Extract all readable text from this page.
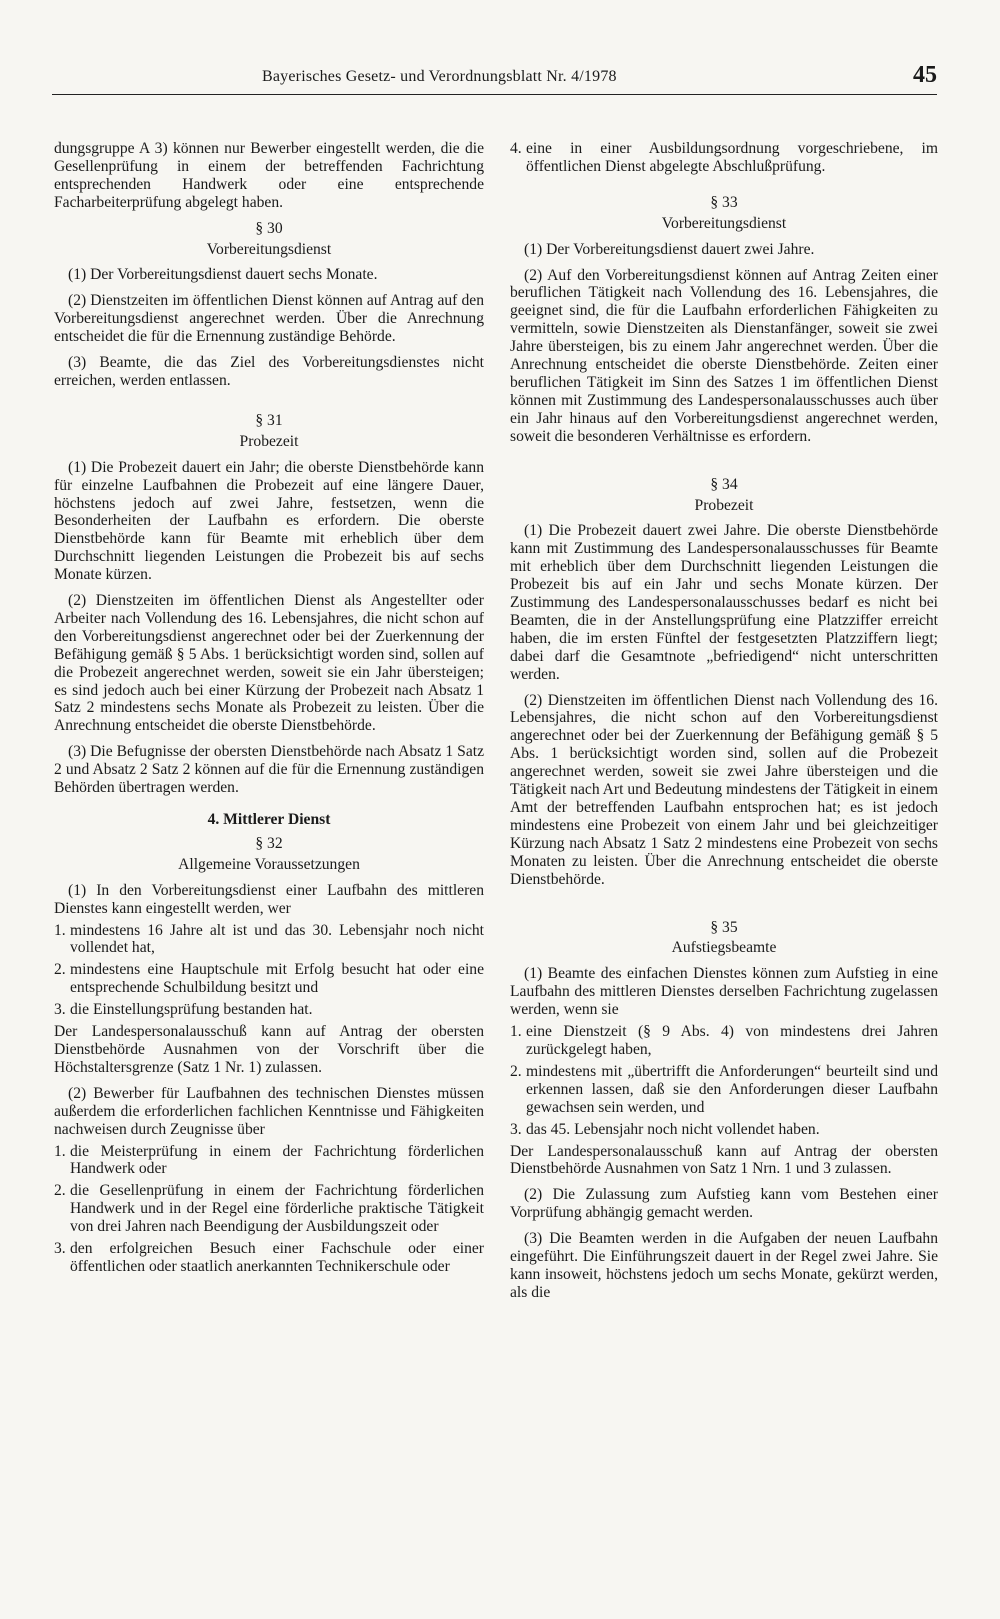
Bayerisches Gesetz- und Verordnungsblatt Nr. 4/1978	45

dungsgruppe A 3) können nur Bewerber eingestellt werden, die die Gesellenprüfung in einem der betreffenden Fachrichtung entsprechenden Handwerk oder eine entsprechende Facharbeiterprüfung abgelegt haben.

§ 30
Vorbereitungsdienst

(1) Der Vorbereitungsdienst dauert sechs Monate.

(2) Dienstzeiten im öffentlichen Dienst können auf Antrag auf den Vorbereitungsdienst angerechnet werden. Über die Anrechnung entscheidet die für die Ernennung zuständige Behörde.

(3) Beamte, die das Ziel des Vorbereitungsdienstes nicht erreichen, werden entlassen.

§ 31
Probezeit

(1) Die Probezeit dauert ein Jahr; die oberste Dienstbehörde kann für einzelne Laufbahnen die Probezeit auf eine längere Dauer, höchstens jedoch auf zwei Jahre, festsetzen, wenn die Besonderheiten der Laufbahn es erfordern. Die oberste Dienstbehörde kann für Beamte mit erheblich über dem Durchschnitt liegenden Leistungen die Probezeit bis auf sechs Monate kürzen.

(2) Dienstzeiten im öffentlichen Dienst als Angestellter oder Arbeiter nach Vollendung des 16. Lebensjahres, die nicht schon auf den Vorbereitungsdienst angerechnet oder bei der Zuerkennung der Befähigung gemäß § 5 Abs. 1 berücksichtigt worden sind, sollen auf die Probezeit angerechnet werden, soweit sie ein Jahr übersteigen; es sind jedoch auch bei einer Kürzung der Probezeit nach Absatz 1 Satz 2 mindestens sechs Monate als Probezeit zu leisten. Über die Anrechnung entscheidet die oberste Dienstbehörde.

(3) Die Befugnisse der obersten Dienstbehörde nach Absatz 1 Satz 2 und Absatz 2 Satz 2 können auf die für die Ernennung zuständigen Behörden übertragen werden.

4. Mittlerer Dienst
§ 32
Allgemeine Voraussetzungen

(1) In den Vorbereitungsdienst einer Laufbahn des mittleren Dienstes kann eingestellt werden, wer

1. mindestens 16 Jahre alt ist und das 30. Lebensjahr noch nicht vollendet hat,
2. mindestens eine Hauptschule mit Erfolg besucht hat oder eine entsprechende Schulbildung besitzt und
3. die Einstellungsprüfung bestanden hat.

Der Landespersonalausschuß kann auf Antrag der obersten Dienstbehörde Ausnahmen von der Vorschrift über die Höchstaltersgrenze (Satz 1 Nr. 1) zulassen.

(2) Bewerber für Laufbahnen des technischen Dienstes müssen außerdem die erforderlichen fachlichen Kenntnisse und Fähigkeiten nachweisen durch Zeugnisse über

1. die Meisterprüfung in einem der Fachrichtung förderlichen Handwerk oder
2. die Gesellenprüfung in einem der Fachrichtung förderlichen Handwerk und in der Regel eine förderliche praktische Tätigkeit von drei Jahren nach Beendigung der Ausbildungszeit oder
3. den erfolgreichen Besuch einer Fachschule oder einer öffentlichen oder staatlich anerkannten Technikerschule oder
4. eine in einer Ausbildungsordnung vorgeschriebene, im öffentlichen Dienst abgelegte Abschlußprüfung.
§ 33
Vorbereitungsdienst

(1) Der Vorbereitungsdienst dauert zwei Jahre.

(2) Auf den Vorbereitungsdienst können auf Antrag Zeiten einer beruflichen Tätigkeit nach Vollendung des 16. Lebensjahres, die geeignet sind, die für die Laufbahn erforderlichen Fähigkeiten zu vermitteln, sowie Dienstzeiten als Dienstanfänger, soweit sie zwei Jahre übersteigen, bis zu einem Jahr angerechnet werden. Über die Anrechnung entscheidet die oberste Dienstbehörde. Zeiten einer beruflichen Tätigkeit im Sinn des Satzes 1 im öffentlichen Dienst können mit Zustimmung des Landespersonalausschusses auch über ein Jahr hinaus auf den Vorbereitungsdienst angerechnet werden, soweit die besonderen Verhältnisse es erfordern.

§ 34
Probezeit

(1) Die Probezeit dauert zwei Jahre. Die oberste Dienstbehörde kann mit Zustimmung des Landespersonalausschusses für Beamte mit erheblich über dem Durchschnitt liegenden Leistungen die Probezeit bis auf ein Jahr und sechs Monate kürzen. Der Zustimmung des Landespersonalausschusses bedarf es nicht bei Beamten, die in der Anstellungsprüfung eine Platzziffer erreicht haben, die im ersten Fünftel der festgesetzten Platzziffern liegt; dabei darf die Gesamtnote „befriedigend“ nicht unterschritten werden.

(2) Dienstzeiten im öffentlichen Dienst nach Vollendung des 16. Lebensjahres, die nicht schon auf den Vorbereitungsdienst angerechnet oder bei der Zuerkennung der Befähigung gemäß § 5 Abs. 1 berücksichtigt worden sind, sollen auf die Probezeit angerechnet werden, soweit sie zwei Jahre übersteigen und die Tätigkeit nach Art und Bedeutung mindestens der Tätigkeit in einem Amt der betreffenden Laufbahn entsprochen hat; es ist jedoch mindestens eine Probezeit von einem Jahr und bei gleichzeitiger Kürzung nach Absatz 1 Satz 2 mindestens eine Probezeit von sechs Monaten zu leisten. Über die Anrechnung entscheidet die oberste Dienstbehörde.

§ 35
Aufstiegsbeamte

(1) Beamte des einfachen Dienstes können zum Aufstieg in eine Laufbahn des mittleren Dienstes derselben Fachrichtung zugelassen werden, wenn sie

1. eine Dienstzeit (§ 9 Abs. 4) von mindestens drei Jahren zurückgelegt haben,
2. mindestens mit „übertrifft die Anforderungen“ beurteilt sind und erkennen lassen, daß sie den Anforderungen dieser Laufbahn gewachsen sein werden, und
3. das 45. Lebensjahr noch nicht vollendet haben.

Der Landespersonalausschuß kann auf Antrag der obersten Dienstbehörde Ausnahmen von Satz 1 Nrn. 1 und 3 zulassen.

(2) Die Zulassung zum Aufstieg kann vom Bestehen einer Vorprüfung abhängig gemacht werden.

(3) Die Beamten werden in die Aufgaben der neuen Laufbahn eingeführt. Die Einführungszeit dauert in der Regel zwei Jahre. Sie kann insoweit, höchstens jedoch um sechs Monate, gekürzt werden, als die
